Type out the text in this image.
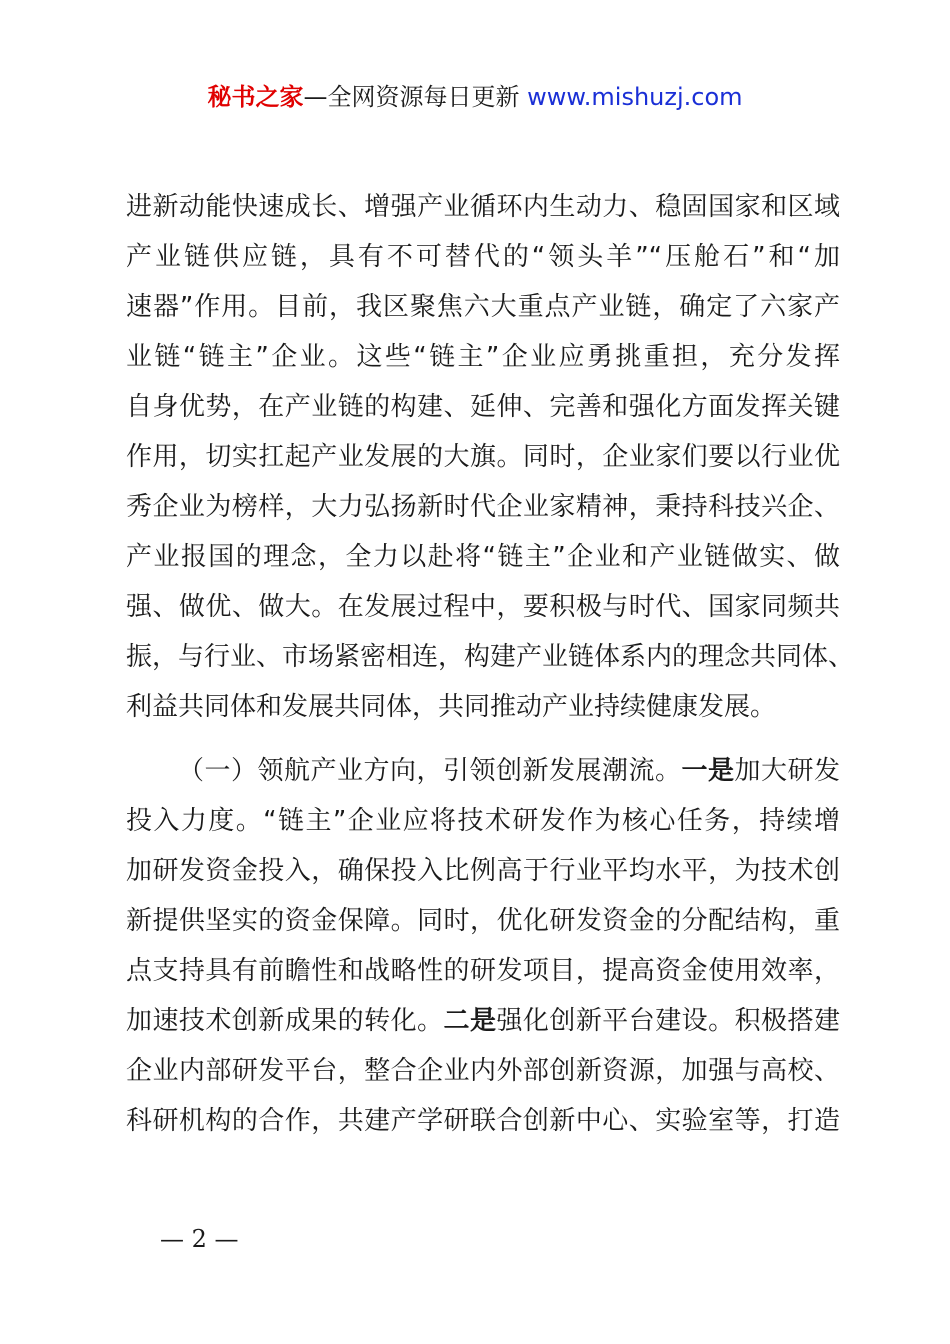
秘书之家—全网资源每日更新 www.mishuzj.com
进新动能快速成长、增强产业循环内生动力、稳固国家和区域
产业链供应链，具有不可替代的“领头羊”“压舱石”和“加
速器”作用。目前，我区聚焦六大重点产业链，确定了六家产
业链“链主”企业。这些“链主”企业应勇挑重担，充分发挥
自身优势，在产业链的构建、延伸、完善和强化方面发挥关键
作用，切实扛起产业发展的大旗。同时，企业家们要以行业优
秀企业为榜样，大力弘扬新时代企业家精神，秉持科技兴企、
产业报国的理念，全力以赴将“链主”企业和产业链做实、做
强、做优、做大。在发展过程中，要积极与时代、国家同频共
振，与行业、市场紧密相连，构建产业链体系内的理念共同体、
利益共同体和发展共同体，共同推动产业持续健康发展。
（一）领航产业方向，引领创新发展潮流。一是加大研发
投入力度。“链主”企业应将技术研发作为核心任务，持续增
加研发资金投入，确保投入比例高于行业平均水平，为技术创
新提供坚实的资金保障。同时，优化研发资金的分配结构，重
点支持具有前瞻性和战略性的研发项目，提高资金使用效率，
加速技术创新成果的转化。二是强化创新平台建设。积极搭建
企业内部研发平台，整合企业内外部创新资源，加强与高校、
科研机构的合作，共建产学研联合创新中心、实验室等，打造
— 2 —
